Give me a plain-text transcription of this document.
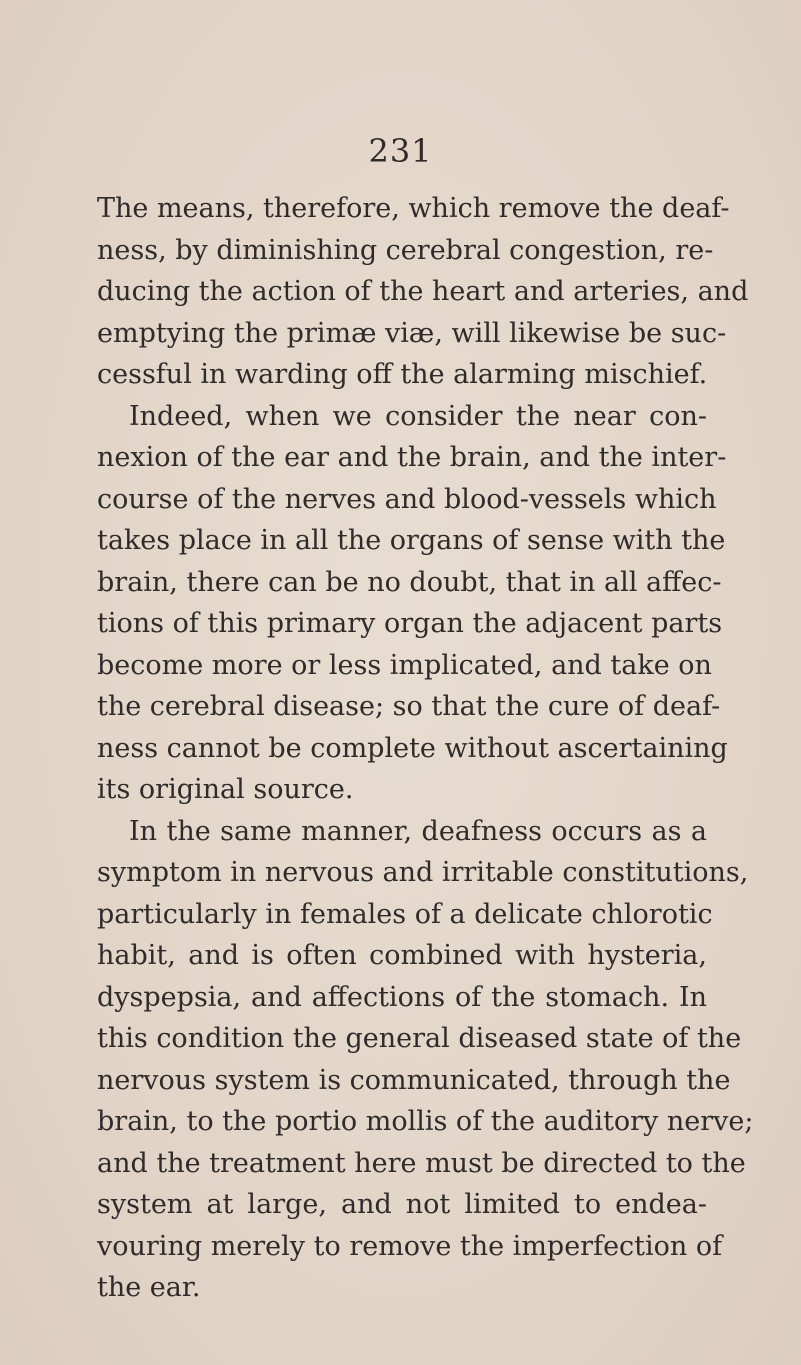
231
The means, therefore, which remove the deaf-
ness, by diminishing cerebral congestion, re-
ducing the action of the heart and arteries, and
emptying the primæ viæ, will likewise be suc-
cessful in warding off the alarming mischief.
Indeed, when we consider the near con-
nexion of the ear and the brain, and the inter-
course of the nerves and blood-vessels which
takes place in all the organs of sense with the
brain, there can be no doubt, that in all affec-
tions of this primary organ the adjacent parts
become more or less implicated, and take on
the cerebral disease; so that the cure of deaf-
ness cannot be complete without ascertaining
its original source.
In the same manner, deafness occurs as a
symptom in nervous and irritable constitutions,
particularly in females of a delicate chlorotic
habit, and is often combined with hysteria,
dyspepsia, and affections of the stomach. In
this condition the general diseased state of the
nervous system is communicated, through the
brain, to the portio mollis of the auditory nerve;
and the treatment here must be directed to the
system at large, and not limited to endea-
vouring merely to remove the imperfection of
the ear.
